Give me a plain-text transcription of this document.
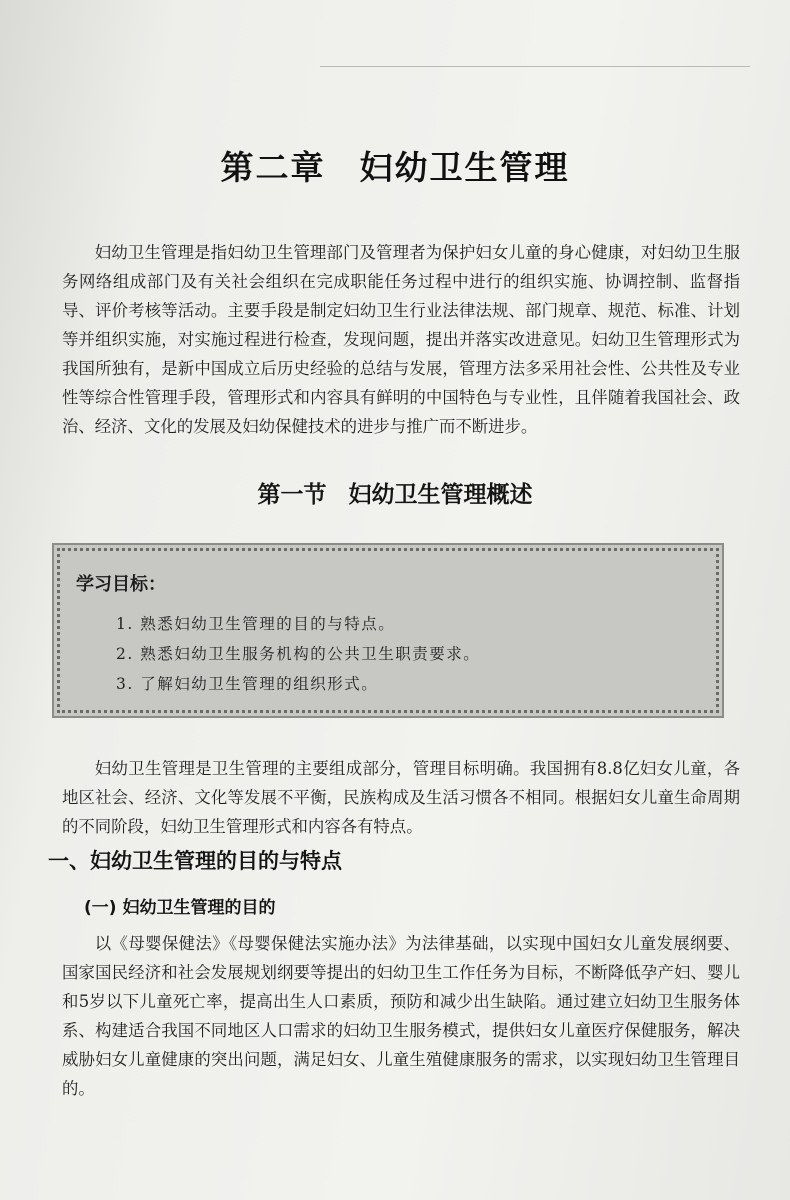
第二章 妇幼卫生管理

妇幼卫生管理是指妇幼卫生管理部门及管理者为保护妇女儿童的身心健康，对妇幼卫生服务网络组成部门及有关社会组织在完成职能任务过程中进行的组织实施、协调控制、监督指导、评价考核等活动。主要手段是制定妇幼卫生行业法律法规、部门规章、规范、标准、计划等并组织实施，对实施过程进行检查，发现问题，提出并落实改进意见。妇幼卫生管理形式为我国所独有，是新中国成立后历史经验的总结与发展，管理方法多采用社会性、公共性及专业性等综合性管理手段，管理形式和内容具有鲜明的中国特色与专业性，且伴随着我国社会、政治、经济、文化的发展及妇幼保健技术的进步与推广而不断进步。

第一节 妇幼卫生管理概述
学习目标：
1. 熟悉妇幼卫生管理的目的与特点。
2. 熟悉妇幼卫生服务机构的公共卫生职责要求。
3. 了解妇幼卫生管理的组织形式。

妇幼卫生管理是卫生管理的主要组成部分，管理目标明确。我国拥有8.8亿妇女儿童，各地区社会、经济、文化等发展不平衡，民族构成及生活习惯各不相同。根据妇女儿童生命周期的不同阶段，妇幼卫生管理形式和内容各有特点。

一、妇幼卫生管理的目的与特点
(一) 妇幼卫生管理的目的

以《母婴保健法》《母婴保健法实施办法》为法律基础，以实现中国妇女儿童发展纲要、国家国民经济和社会发展规划纲要等提出的妇幼卫生工作任务为目标，不断降低孕产妇、婴儿和5岁以下儿童死亡率，提高出生人口素质，预防和减少出生缺陷。通过建立妇幼卫生服务体系、构建适合我国不同地区人口需求的妇幼卫生服务模式，提供妇女儿童医疗保健服务，解决威胁妇女儿童健康的突出问题，满足妇女、儿童生殖健康服务的需求，以实现妇幼卫生管理目的。
